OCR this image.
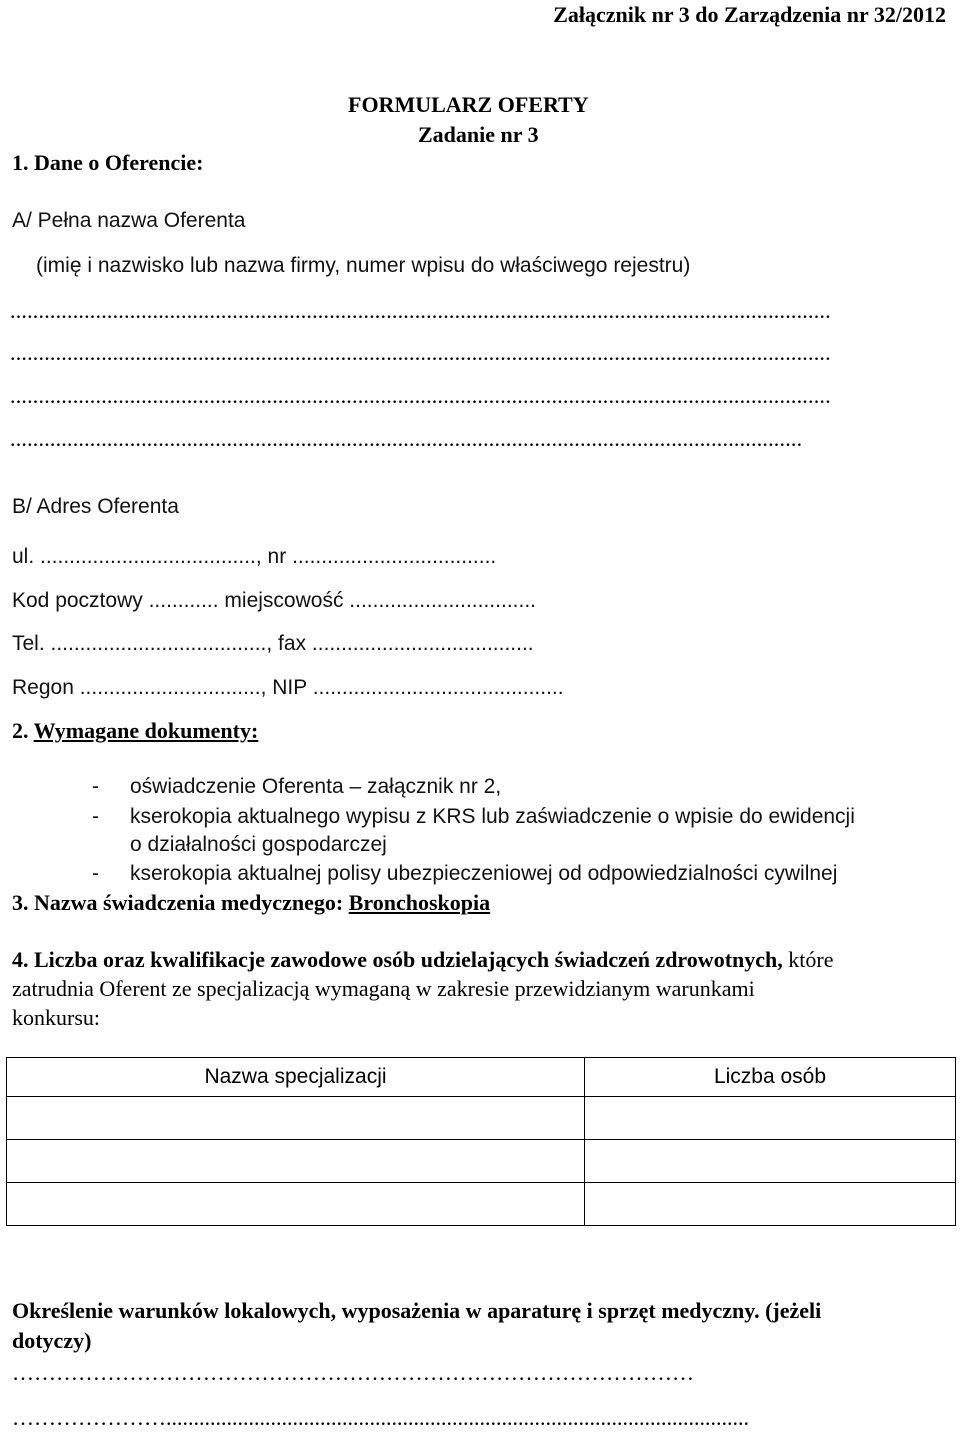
Załącznik nr 3 do Zarządzenia nr 32/2012
FORMULARZ OFERTY
Zadanie nr 3
1. Dane o Oferencie:
A/ Pełna nazwa Oferenta
(imię i nazwisko lub nazwa firmy, numer wpisu do właściwego rejestru)
................................................................................................................................................
................................................................................................................................................
................................................................................................................................................
...........................................................................................................................................
B/ Adres Oferenta
ul. ....................................., nr ...................................
Kod pocztowy ............ miejscowość ................................
Tel. ....................................., fax ......................................
Regon ..............................., NIP ...........................................
2. Wymagane dokumenty:
- oświadczenie Oferenta – załącznik nr 2,
- kserokopia aktualnego wypisu z KRS lub zaświadczenie o wpisie do ewidencji
o działalności gospodarczej
- kserokopia aktualnej polisy ubezpieczeniowej od odpowiedzialności cywilnej
3. Nazwa świadczenia medycznego: Bronchoskopia
4. Liczba oraz kwalifikacje zawodowe osób udzielających świadczeń zdrowotnych, które
zatrudnia Oferent ze specjalizacją wymaganą w zakresie przewidzianym warunkami
konkursu:
Nazwa specjalizacji	Liczba osób

Określenie warunków lokalowych, wyposażenia w aparaturę i sprzęt medyczny. (jeżeli
dotyczy)
…………………………………………………………………………………
…………………..........................................................................................................
